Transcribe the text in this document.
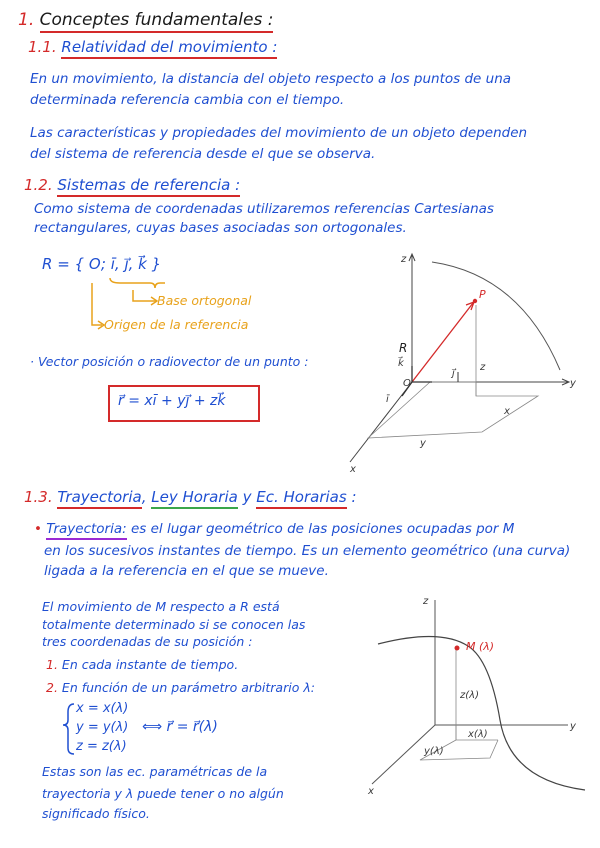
1. Conceptes fundamentales :
1.1. Relatividad del movimiento :
En un movimiento, la distancia del objeto respecto a los puntos de una
determinada referencia cambia con el tiempo.
Las características y propiedades del movimiento de un objeto dependen
del sistema de referencia desde el que se observa.
1.2. Sistemas de referencia :
Como sistema de coordenadas utilizaremos referencias Cartesianas
rectangulares, cuyas bases asociadas son ortogonales.
R = { O; ī, j⃗, k⃗ }
Base ortogonal
Origen de la referencia
· Vector posición o radiovector de un punto :
r⃗ = xī + yj⃗ + zk⃗
1.3. Trayectoria, Ley Horaria y Ec. Horarias :
• Trayectoria: es el lugar geométrico de las posiciones ocupadas por M
en los sucesivos instantes de tiempo. Es un elemento geométrico (una curva)
ligada a la referencia en el que se mueve.
El movimiento de M respecto a R está
totalmente determinado si se conocen las
tres coordenadas de su posición :
1. En cada instante de tiempo.
2. En función de un parámetro arbitrario λ:
x = x(λ)
y = y(λ)
z = z(λ)
⟺ r⃗ = r⃗(λ)
Estas son las ec. paramétricas de la
trayectoria y λ puede tener o no algún
significado físico.
z
y
x
P
R
O
z
x
y
ī
j⃗
k⃗
z
y
x
M (λ)
z(λ)
x(λ)
y(λ)
